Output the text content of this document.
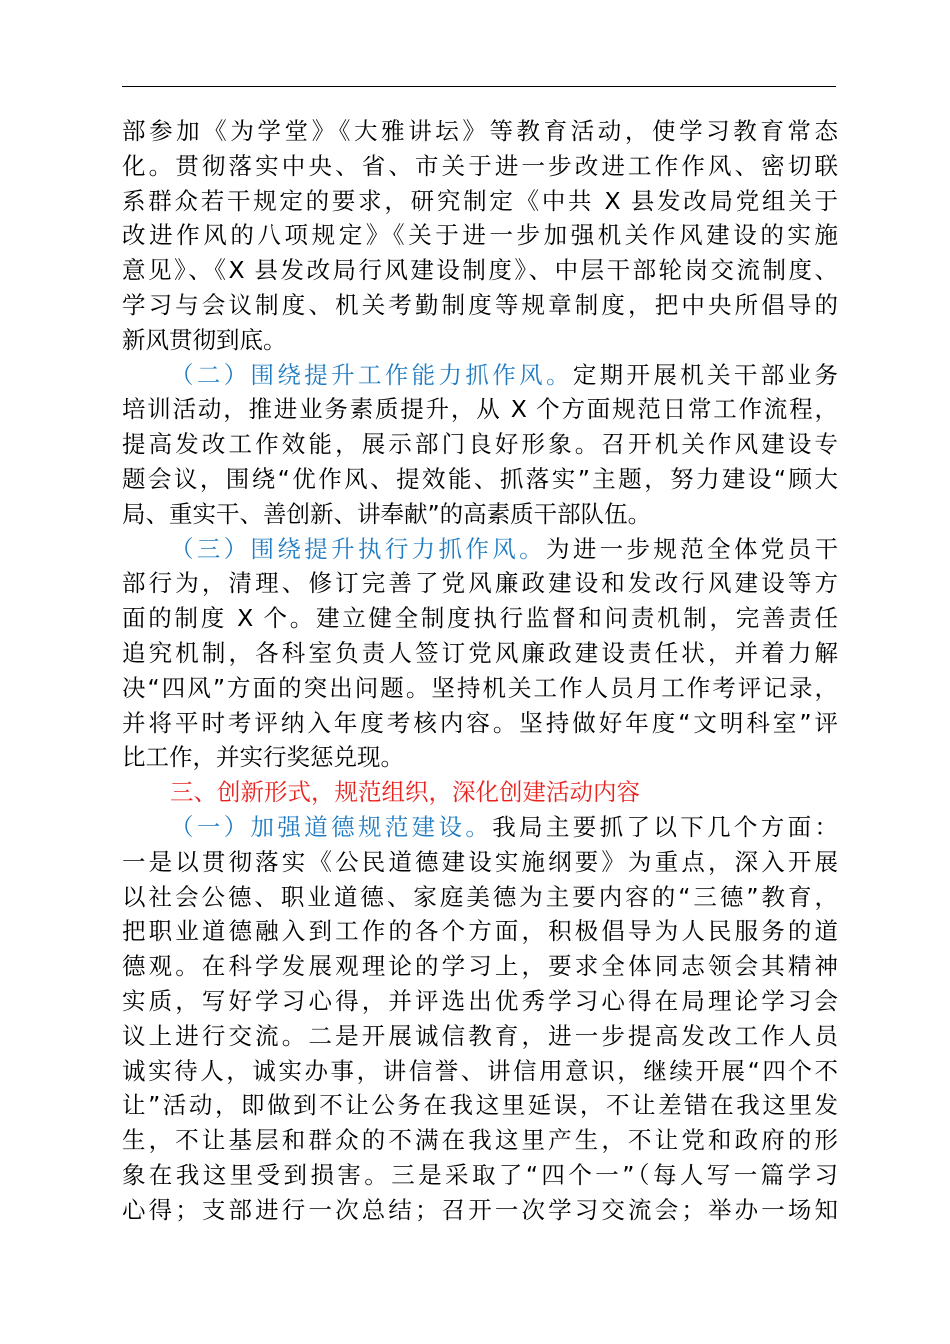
部参加《为学堂》《大雅讲坛》等教育活动，使学习教育常态
化。贯彻落实中央、省、市关于进一步改进工作作风、密切联
系群众若干规定的要求，研究制定《中共 X 县发改局党组关于
改进作风的八项规定》《关于进一步加强机关作风建设的实施
意见》、《X 县发改局行风建设制度》、中层干部轮岗交流制度、
学习与会议制度、机关考勤制度等规章制度，把中央所倡导的
新风贯彻到底。
（二）围绕提升工作能力抓作风。定期开展机关干部业务
培训活动，推进业务素质提升，从 X 个方面规范日常工作流程，
提高发改工作效能，展示部门良好形象。召开机关作风建设专
题会议，围绕“优作风、提效能、抓落实”主题，努力建设“顾大
局、重实干、善创新、讲奉献”的高素质干部队伍。
（三）围绕提升执行力抓作风。为进一步规范全体党员干
部行为，清理、修订完善了党风廉政建设和发改行风建设等方
面的制度 X 个。建立健全制度执行监督和问责机制，完善责任
追究机制，各科室负责人签订党风廉政建设责任状，并着力解
决“四风”方面的突出问题。坚持机关工作人员月工作考评记录，
并将平时考评纳入年度考核内容。坚持做好年度“文明科室”评
比工作，并实行奖惩兑现。
三、创新形式，规范组织，深化创建活动内容
（一）加强道德规范建设。我局主要抓了以下几个方面：
一是以贯彻落实《公民道德建设实施纲要》为重点，深入开展
以社会公德、职业道德、家庭美德为主要内容的“三德”教育，
把职业道德融入到工作的各个方面，积极倡导为人民服务的道
德观。在科学发展观理论的学习上，要求全体同志领会其精神
实质，写好学习心得，并评选出优秀学习心得在局理论学习会
议上进行交流。二是开展诚信教育，进一步提高发改工作人员
诚实待人，诚实办事，讲信誉、讲信用意识，继续开展“四个不
让”活动，即做到不让公务在我这里延误，不让差错在我这里发
生，不让基层和群众的不满在我这里产生，不让党和政府的形
象在我这里受到损害。三是采取了“四个一”（每人写一篇学习
心得；支部进行一次总结；召开一次学习交流会；举办一场知
